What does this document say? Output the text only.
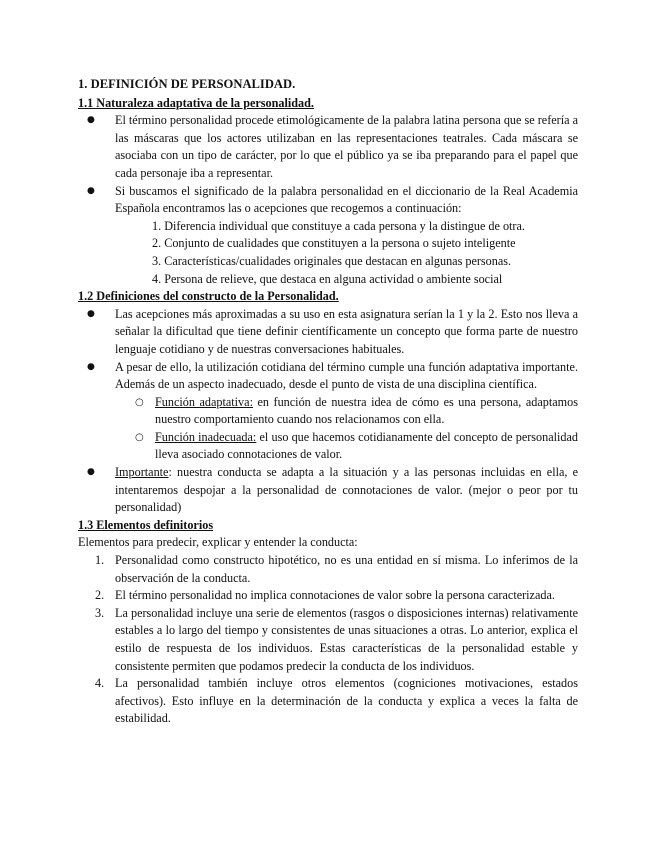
1. DEFINICIÓN DE PERSONALIDAD.
1.1 Naturaleza adaptativa de la personalidad.
● El término personalidad procede etimológicamente de la palabra latina persona que se refería a las máscaras que los actores utilizaban en las representaciones teatrales. Cada máscara se asociaba con un tipo de carácter, por lo que el público ya se iba preparando para el papel que cada personaje iba a representar.
● Si buscamos el significado de la palabra personalidad en el diccionario de la Real Academia Española encontramos las o acepciones que recogemos a continuación:
1. Diferencia individual que constituye a cada persona y la distingue de otra.
2. Conjunto de cualidades que constituyen a la persona o sujeto inteligente
3. Características/cualidades originales que destacan en algunas personas.
4. Persona de relieve, que destaca en alguna actividad o ambiente social
1.2 Definiciones del constructo de la Personalidad.
● Las acepciones más aproximadas a su uso en esta asignatura serían la 1 y la 2. Esto nos lleva a señalar la dificultad que tiene definir científicamente un concepto que forma parte de nuestro lenguaje cotidiano y de nuestras conversaciones habituales.
● A pesar de ello, la utilización cotidiana del término cumple una función adaptativa importante. Además de un aspecto inadecuado, desde el punto de vista de una disciplina científica.
○ Función adaptativa: en función de nuestra idea de cómo es una persona, adaptamos nuestro comportamiento cuando nos relacionamos con ella.
○ Función inadecuada: el uso que hacemos cotidianamente del concepto de personalidad lleva asociado connotaciones de valor.
● Importante: nuestra conducta se adapta a la situación y a las personas incluidas en ella, e intentaremos despojar a la personalidad de connotaciones de valor. (mejor o peor por tu personalidad)
1.3 Elementos definitorios

Elementos para predecir, explicar y entender la conducta:

1. Personalidad como constructo hipotético, no es una entidad en sí misma. Lo inferimos de la observación de la conducta.
2. El término personalidad no implica connotaciones de valor sobre la persona caracterizada.
3. La personalidad incluye una serie de elementos (rasgos o disposiciones internas) relativamente estables a lo largo del tiempo y consistentes de unas situaciones a otras. Lo anterior, explica el estilo de respuesta de los individuos. Estas características de la personalidad estable y consistente permiten que podamos predecir la conducta de los individuos.
4. La personalidad también incluye otros elementos (cogniciones motivaciones, estados afectivos). Esto influye en la determinación de la conducta y explica a veces la falta de estabilidad.
